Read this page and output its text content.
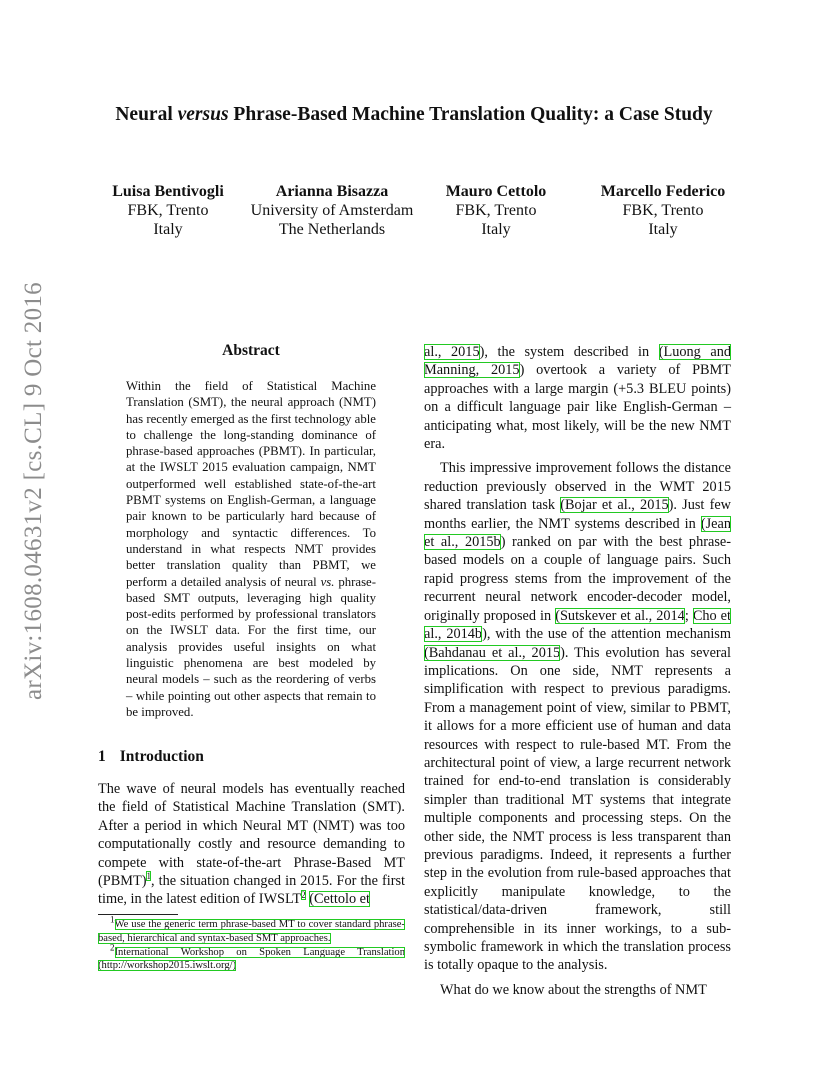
arXiv:1608.04631v2 [cs.CL] 9 Oct 2016
Neural versus Phrase-Based Machine Translation Quality: a Case Study
Luisa Bentivogli
FBK, Trento
Italy
Arianna Bisazza
University of Amsterdam
The Netherlands
Mauro Cettolo
FBK, Trento
Italy
Marcello Federico
FBK, Trento
Italy
Abstract
Within the field of Statistical Machine Translation (SMT), the neural approach (NMT) has recently emerged as the first technology able to challenge the long-standing dominance of phrase-based approaches (PBMT). In particular, at the IWSLT 2015 evaluation campaign, NMT outperformed well established state-of-the-art PBMT systems on English-German, a language pair known to be particularly hard because of morphology and syntactic differences. To understand in what respects NMT provides better translation quality than PBMT, we perform a detailed analysis of neural vs. phrase-based SMT outputs, leveraging high quality post-edits performed by professional translators on the IWSLT data. For the first time, our analysis provides useful insights on what linguistic phenomena are best modeled by neural models – such as the reordering of verbs – while pointing out other aspects that remain to be improved.
1 Introduction

The wave of neural models has eventually reached the field of Statistical Machine Translation (SMT). After a period in which Neural MT (NMT) was too computationally costly and resource demanding to compete with state-of-the-art Phrase-Based MT (PBMT)$^1$, the situation changed in 2015. For the first time, in the latest edition of IWSLT$^2$ (Cettolo et

$^1$We use the generic term phrase-based MT to cover standard phrase-based, hierarchical and syntax-based SMT approaches.

$^2$International Workshop on Spoken Language Translation (http://workshop2015.iwslt.org/)

al., 2015), the system described in (Luong and Manning, 2015) overtook a variety of PBMT approaches with a large margin (+5.3 BLEU points) on a difficult language pair like English-German – anticipating what, most likely, will be the new NMT era.

This impressive improvement follows the distance reduction previously observed in the WMT 2015 shared translation task (Bojar et al., 2015). Just few months earlier, the NMT systems described in (Jean et al., 2015b) ranked on par with the best phrase-based models on a couple of language pairs. Such rapid progress stems from the improvement of the recurrent neural network encoder-decoder model, originally proposed in (Sutskever et al., 2014; Cho et al., 2014b), with the use of the attention mechanism (Bahdanau et al., 2015). This evolution has several implications. On one side, NMT represents a simplification with respect to previous paradigms. From a management point of view, similar to PBMT, it allows for a more efficient use of human and data resources with respect to rule-based MT. From the architectural point of view, a large recurrent network trained for end-to-end translation is considerably simpler than traditional MT systems that integrate multiple components and processing steps. On the other side, the NMT process is less transparent than previous paradigms. Indeed, it represents a further step in the evolution from rule-based approaches that explicitly manipulate knowledge, to the statistical/data-driven framework, still comprehensible in its inner workings, to a sub-symbolic framework in which the translation process is totally opaque to the analysis.

What do we know about the strengths of NMT
